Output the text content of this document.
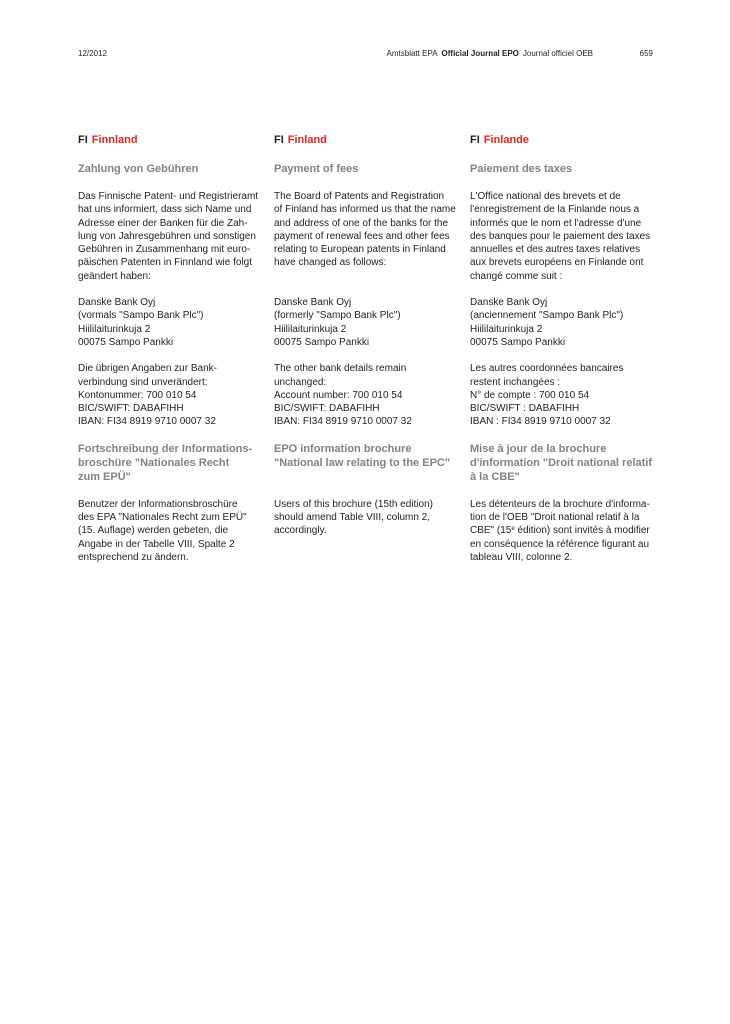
12/2012	Amtsblatt EPA Official Journal EPO Journal officiel OEB	659
FI Finnland
Zahlung von Gebühren
Das Finnische Patent- und Registrieramt
hat uns informiert, dass sich Name und
Adresse einer der Banken für die Zah-
lung von Jahresgebühren und sonstigen
Gebühren in Zusammenhang mit euro-
päischen Patenten in Finnland wie folgt
geändert haben:
Danske Bank Oyj
(vormals "Sampo Bank Plc")
Hiililaiturinkuja 2
00075 Sampo Pankki
Die übrigen Angaben zur Bank-
verbindung sind unverändert:
Kontonummer: 700 010 54
BIC/SWIFT: DABAFIHH
IBAN: FI34 8919 9710 0007 32
Fortschreibung der Informations-
broschüre "Nationales Recht
zum EPÜ"
Benutzer der Informationsbroschüre
des EPA "Nationales Recht zum EPÜ"
(15. Auflage) werden gebeten, die
Angabe in der Tabelle VIII, Spalte 2
entsprechend zu ändern.
FI Finland
Payment of fees
The Board of Patents and Registration
of Finland has informed us that the name
and address of one of the banks for the
payment of renewal fees and other fees
relating to European patents in Finland
have changed as follows:

Danske Bank Oyj
(formerly "Sampo Bank Plc")
Hiililaiturinkuja 2
00075 Sampo Pankki
The other bank details remain
unchanged:
Account number: 700 010 54
BIC/SWIFT: DABAFIHH
IBAN: FI34 8919 9710 0007 32
EPO information brochure
"National law relating to the EPC"

Users of this brochure (15th edition)
should amend Table VIII, column 2,
accordingly.
FI Finlande
Paiement des taxes
L'Office national des brevets et de
l'enregistrement de la Finlande nous a
informés que le nom et l'adresse d'une
des banques pour le paiement des taxes
annuelles et des autres taxes relatives
aux brevets européens en Finlande ont
changé comme suit :
Danske Bank Oyj
(anciennement "Sampo Bank Plc")
Hiililaiturinkuja 2
00075 Sampo Pankki
Les autres coordonnées bancaires
restent inchangées :
N° de compte : 700 010 54
BIC/SWIFT : DABAFIHH
IBAN : FI34 8919 9710 0007 32
Mise à jour de la brochure
d'information "Droit national relatif
à la CBE"
Les détenteurs de la brochure d'informa-
tion de l'OEB "Droit national relatif à la
CBE" (15e édition) sont invités à modifier
en conséquence la référence figurant au
tableau VIII, colonne 2.
